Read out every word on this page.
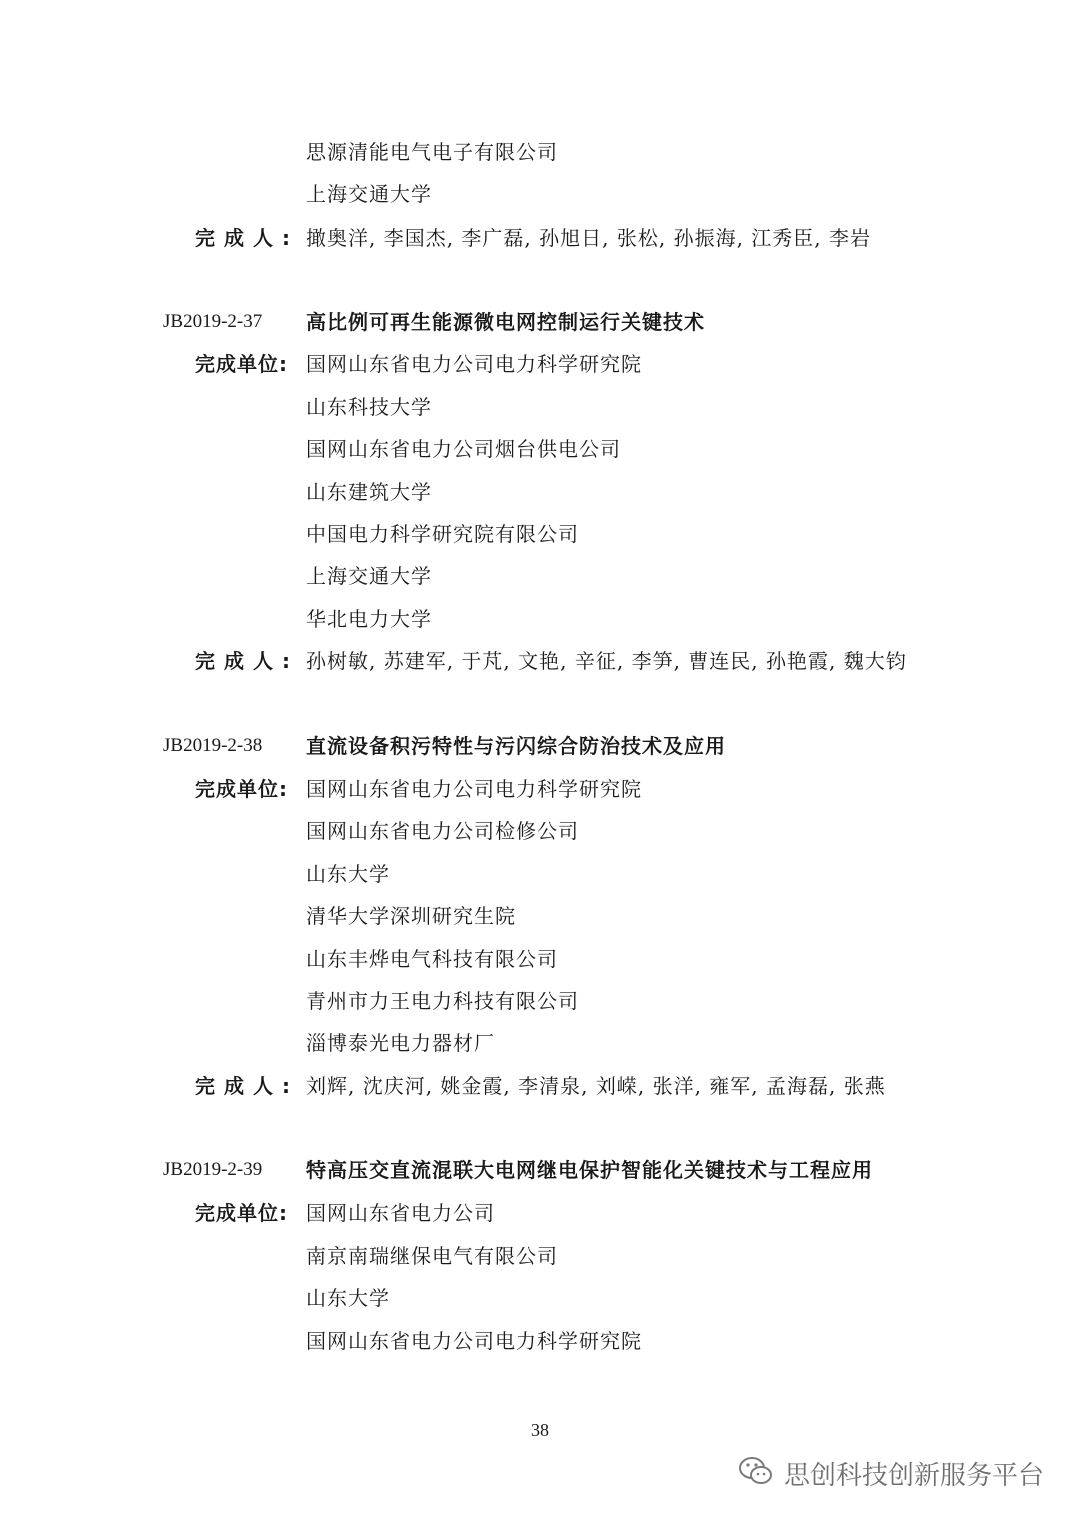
思源清能电气电子有限公司
上海交通大学
完成人: 撖奥洋, 李国杰, 李广磊, 孙旭日, 张松, 孙振海, 江秀臣, 李岩
JB2019-2-37 高比例可再生能源微电网控制运行关键技术
完成单位: 国网山东省电力公司电力科学研究院
山东科技大学
国网山东省电力公司烟台供电公司
山东建筑大学
中国电力科学研究院有限公司
上海交通大学
华北电力大学
完成人: 孙树敏, 苏建军, 于芃, 文艳, 辛征, 李笋, 曹连民, 孙艳霞, 魏大钧
JB2019-2-38 直流设备积污特性与污闪综合防治技术及应用
完成单位: 国网山东省电力公司电力科学研究院
国网山东省电力公司检修公司
山东大学
清华大学深圳研究生院
山东丰烨电气科技有限公司
青州市力王电力科技有限公司
淄博泰光电力器材厂
完成人: 刘辉, 沈庆河, 姚金霞, 李清泉, 刘嵘, 张洋, 雍军, 孟海磊, 张燕
JB2019-2-39 特高压交直流混联大电网继电保护智能化关键技术与工程应用
完成单位: 国网山东省电力公司
南京南瑞继保电气有限公司
山东大学
国网山东省电力公司电力科学研究院
38
思创科技创新服务平台
